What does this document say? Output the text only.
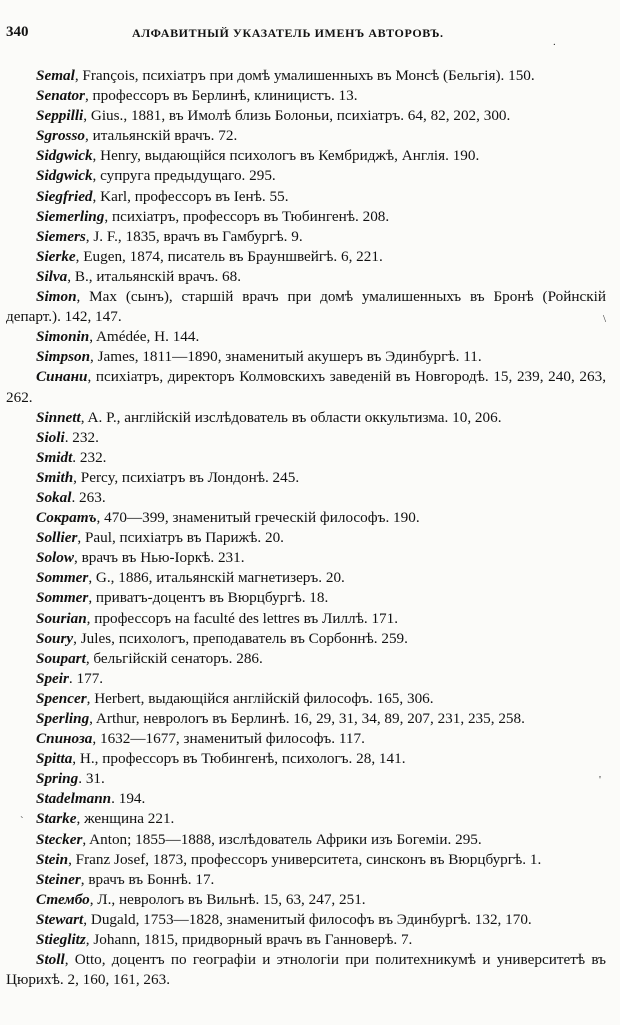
340	АЛФАВИТНЫЙ УКАЗАТЕЛЬ ИМЕНЪ АВТОРОВЪ.

Semal, François, психіатръ при домѣ умалишенныхъ въ Монсѣ (Бельгія). 150.

Senator, профессоръ въ Берлинѣ, клиницистъ. 13.

Seppilli, Gius., 1881, въ Имолѣ близь Болоньи, психіатръ. 64, 82, 202, 300.

Sgrosso, итальянскій врачъ. 72.

Sidgwick, Henry, выдающійся психологъ въ Кембриджѣ, Англія. 190.

Sidgwick, супруга предыдущаго. 295.

Siegfried, Karl, профессоръ въ Іенѣ. 55.

Siemerling, психіатръ, профессоръ въ Тюбингенѣ. 208.

Siemers, J. F., 1835, врачъ въ Гамбургѣ. 9.

Sierke, Eugen, 1874, писатель въ Брауншвейгѣ. 6, 221.

Silva, B., итальянскій врачъ. 68.

Simon, Max (сынъ), старшій врачъ при домѣ умалишенныхъ въ Бронѣ (Ройнскій департ.). 142, 147.

Simonin, Amédée, H. 144.

Simpson, James, 1811—1890, знаменитый акушеръ въ Эдинбургѣ. 11.

Синани, психіатръ, директоръ Колмовскихъ заведеній въ Новгородѣ. 15, 239, 240, 263, 262.

Sinnett, A. P., англійскій изслѣдователь въ области оккультизма. 10, 206.

Sioli. 232.

Smidt. 232.

Smith, Percy, психіатръ въ Лондонѣ. 245.

Sokal. 263.

Сократъ, 470—399, знаменитый греческій философъ. 190.

Sollier, Paul, психіатръ въ Парижѣ. 20.

Solow, врачъ въ Нью-Іоркѣ. 231.

Sommer, G., 1886, итальянскій магнетизеръ. 20.

Sommer, приватъ-доцентъ въ Вюрцбургѣ. 18.

Sourian, профессоръ на faculté des lettres въ Лиллѣ. 171.

Soury, Jules, психологъ, преподаватель въ Сорбоннѣ. 259.

Soupart, бельгійскій сенаторъ. 286.

Speir. 177.

Spencer, Herbert, выдающійся англійскій философъ. 165, 306.

Sperling, Arthur, невролоrъ въ Берлинѣ. 16, 29, 31, 34, 89, 207, 231, 235, 258.

Спиноза, 1632—1677, знаменитый философъ. 117.

Spitta, H., профессоръ въ Тюбингенѣ, психологъ. 28, 141.

Spring. 31.

Stadelmann. 194.

Starke, женщина 221.

Stecker, Anton; 1855—1888, изслѣдователь Африки изъ Богеміи. 295.

Stein, Franz Josef, 1873, профессоръ университета, синсконъ въ Вюрцбургѣ. 1.

Steiner, врачъ въ Боннѣ. 17.

Стембо, Л., невролоrъ въ Вильнѣ. 15, 63, 247, 251.

Stewart, Dugald, 1753—1828, знаменитый философъ въ Эдинбургѣ. 132, 170.

Stieglitz, Johann, 1815, придворный врачъ въ Ганноверѣ. 7.

Stoll, Otto, доцентъ по географіи и этнологіи при политехникумѣ и университетѣ въ Цюрихѣ. 2, 160, 161, 263.

.
\
'
`
